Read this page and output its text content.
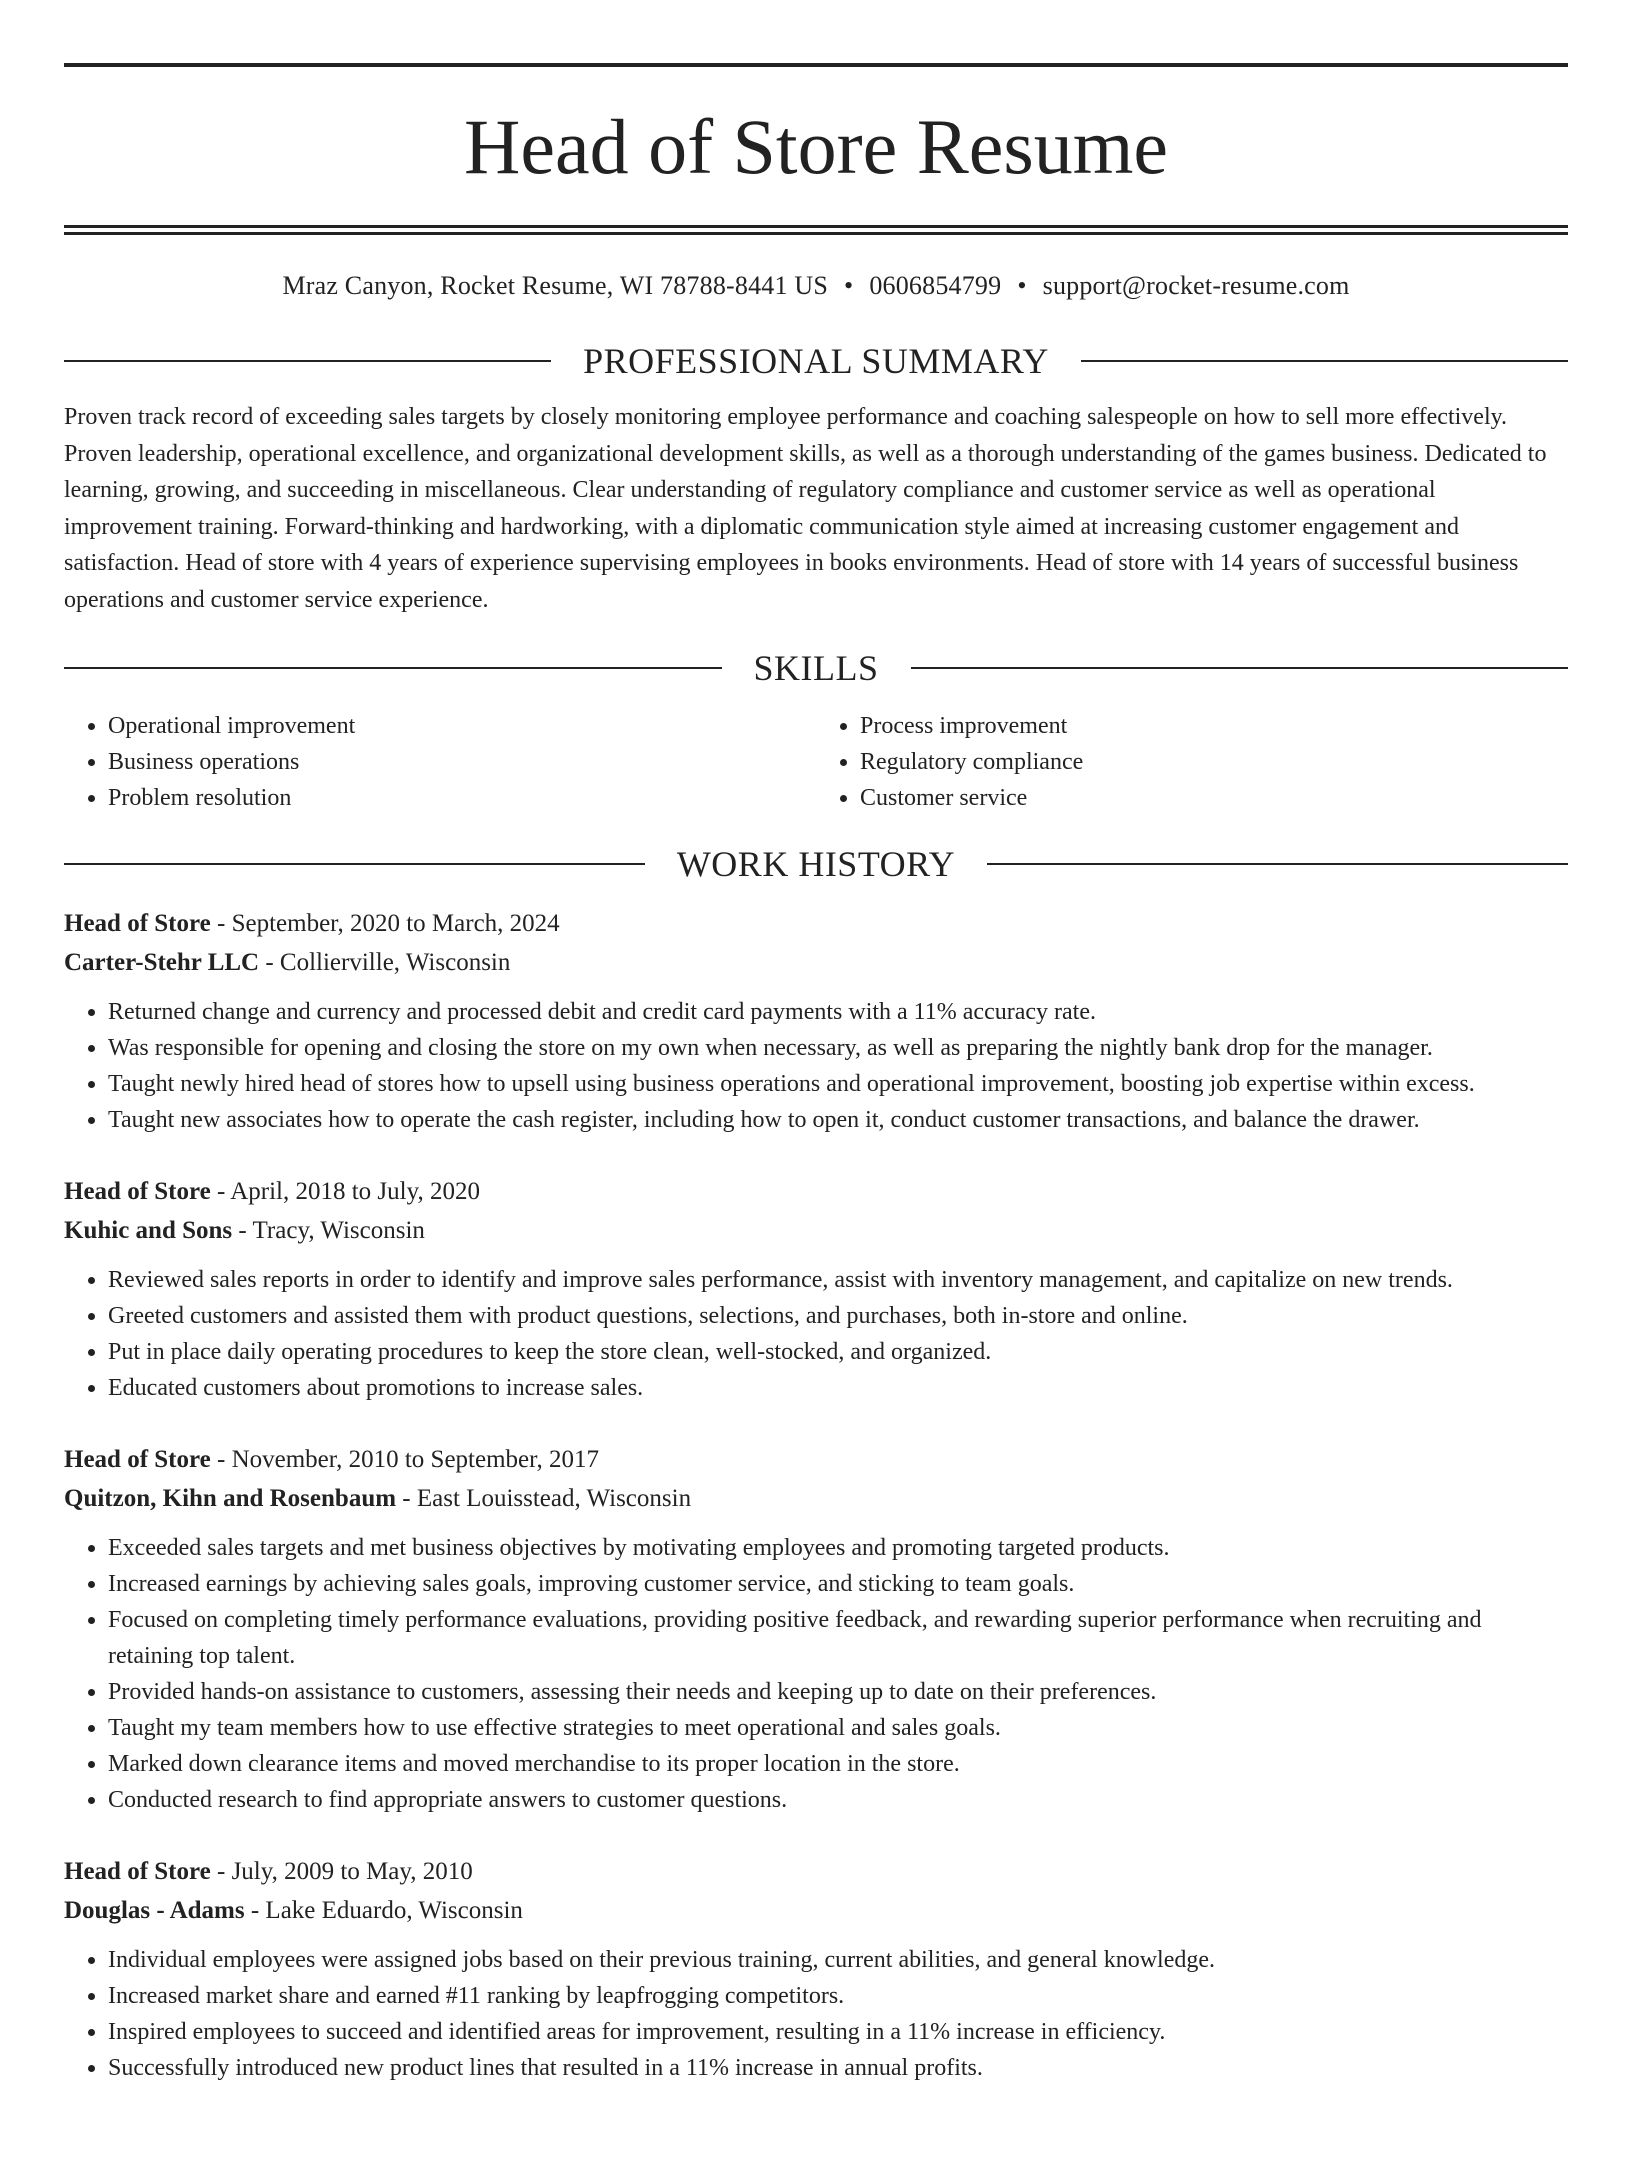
Head of Store Resume
Mraz Canyon, Rocket Resume, WI 78788-8441 US • 0606854799 • support@rocket-resume.com
PROFESSIONAL SUMMARY

Proven track record of exceeding sales targets by closely monitoring employee performance and coaching salespeople on how to sell more effectively. Proven leadership, operational excellence, and organizational development skills, as well as a thorough understanding of the games business. Dedicated to learning, growing, and succeeding in miscellaneous. Clear understanding of regulatory compliance and customer service as well as operational improvement training. Forward-thinking and hardworking, with a diplomatic communication style aimed at increasing customer engagement and satisfaction. Head of store with 4 years of experience supervising employees in books environments. Head of store with 14 years of successful business operations and customer service experience.

SKILLS
• Operational improvement
• Business operations
• Problem resolution
• Process improvement
• Regulatory compliance
• Customer service
WORK HISTORY
Head of Store - September, 2020 to March, 2024
Carter-Stehr LLC - Collierville, Wisconsin
• Returned change and currency and processed debit and credit card payments with a 11% accuracy rate.
• Was responsible for opening and closing the store on my own when necessary, as well as preparing the nightly bank drop for the manager.
• Taught newly hired head of stores how to upsell using business operations and operational improvement, boosting job expertise within excess.
• Taught new associates how to operate the cash register, including how to open it, conduct customer transactions, and balance the drawer.
Head of Store - April, 2018 to July, 2020
Kuhic and Sons - Tracy, Wisconsin
• Reviewed sales reports in order to identify and improve sales performance, assist with inventory management, and capitalize on new trends.
• Greeted customers and assisted them with product questions, selections, and purchases, both in-store and online.
• Put in place daily operating procedures to keep the store clean, well-stocked, and organized.
• Educated customers about promotions to increase sales.
Head of Store - November, 2010 to September, 2017
Quitzon, Kihn and Rosenbaum - East Louisstead, Wisconsin
• Exceeded sales targets and met business objectives by motivating employees and promoting targeted products.
• Increased earnings by achieving sales goals, improving customer service, and sticking to team goals.
• Focused on completing timely performance evaluations, providing positive feedback, and rewarding superior performance when recruiting and retaining top talent.
• Provided hands-on assistance to customers, assessing their needs and keeping up to date on their preferences.
• Taught my team members how to use effective strategies to meet operational and sales goals.
• Marked down clearance items and moved merchandise to its proper location in the store.
• Conducted research to find appropriate answers to customer questions.
Head of Store - July, 2009 to May, 2010
Douglas - Adams - Lake Eduardo, Wisconsin
• Individual employees were assigned jobs based on their previous training, current abilities, and general knowledge.
• Increased market share and earned #11 ranking by leapfrogging competitors.
• Inspired employees to succeed and identified areas for improvement, resulting in a 11% increase in efficiency.
• Successfully introduced new product lines that resulted in a 11% increase in annual profits.
